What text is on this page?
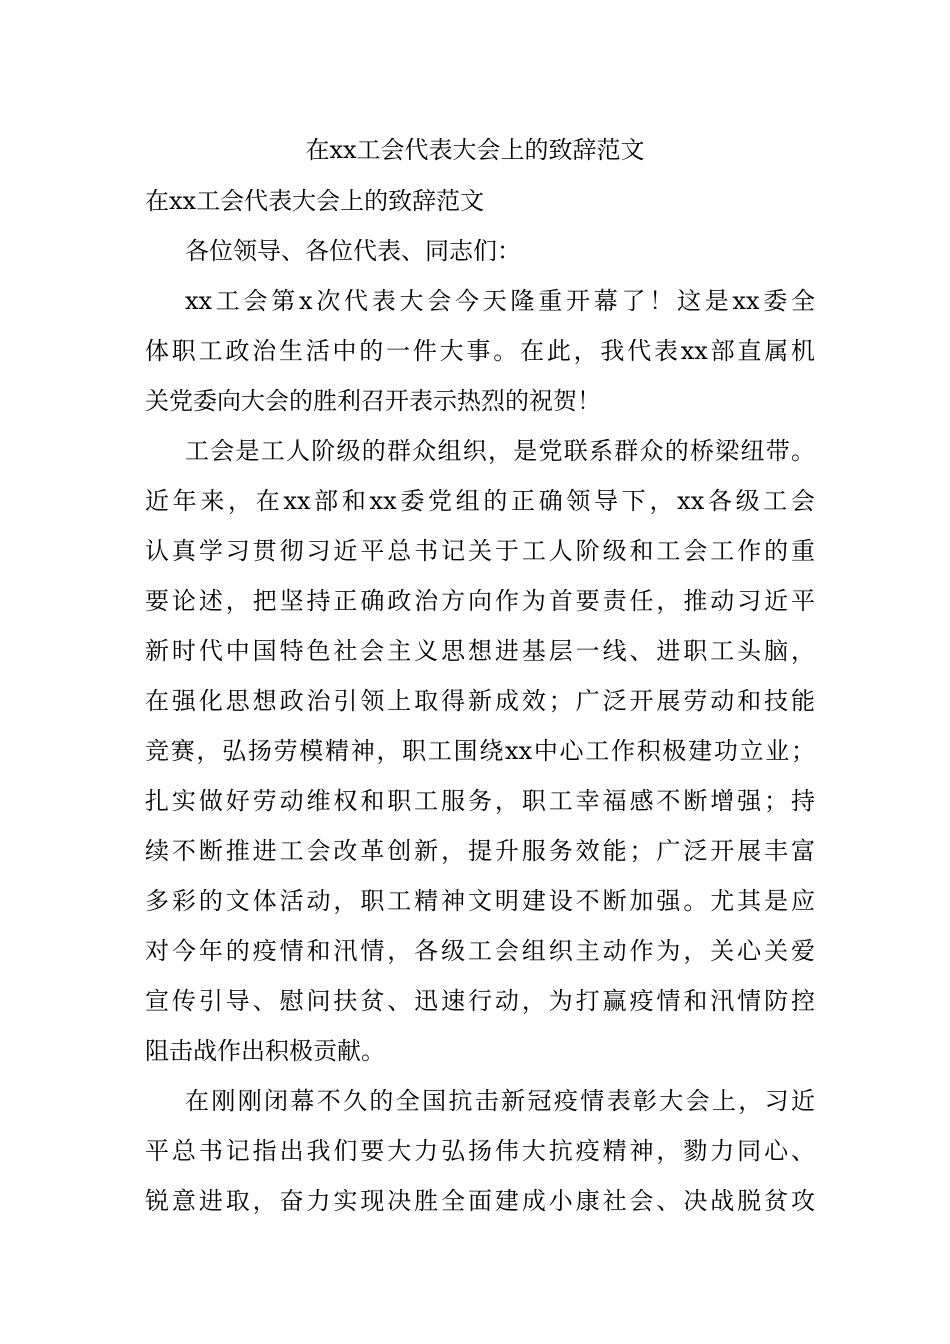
在xx工会代表大会上的致辞范文
在xx工会代表大会上的致辞范文
各位领导、各位代表、同志们：
xx工会第x次代表大会今天隆重开幕了！这是xx委全
体职工政治生活中的一件大事。在此，我代表xx部直属机
关党委向大会的胜利召开表示热烈的祝贺！
工会是工人阶级的群众组织，是党联系群众的桥梁纽带。
近年来，在xx部和xx委党组的正确领导下，xx各级工会
认真学习贯彻习近平总书记关于工人阶级和工会工作的重
要论述，把坚持正确政治方向作为首要责任，推动习近平
新时代中国特色社会主义思想进基层一线、进职工头脑，
在强化思想政治引领上取得新成效；广泛开展劳动和技能
竞赛，弘扬劳模精神，职工围绕xx中心工作积极建功立业；
扎实做好劳动维权和职工服务，职工幸福感不断增强；持
续不断推进工会改革创新，提升服务效能；广泛开展丰富
多彩的文体活动，职工精神文明建设不断加强。尤其是应
对今年的疫情和汛情，各级工会组织主动作为，关心关爱
宣传引导、慰问扶贫、迅速行动，为打赢疫情和汛情防控
阻击战作出积极贡献。
在刚刚闭幕不久的全国抗击新冠疫情表彰大会上，习近
平总书记指出我们要大力弘扬伟大抗疫精神，勠力同心、
锐意进取，奋力实现决胜全面建成小康社会、决战脱贫攻
